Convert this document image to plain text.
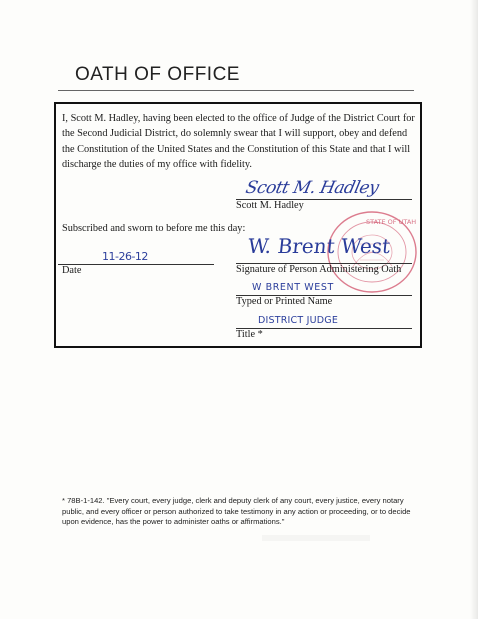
OATH OF OFFICE
I, Scott M. Hadley, having been elected to the office of Judge of the District Court for the Second Judicial District, do solemnly swear that I will support, obey and defend the Constitution of the United States and the Constitution of this State and that I will discharge the duties of my office with fidelity.
Scott M. Hadley
Scott M. Hadley
Subscribed and sworn to before me this day:
11-26-12
Date
STATE OF UTAH
W. Brent West
Signature of Person Administering Oath
W BRENT WEST
Typed or Printed Name
DISTRICT JUDGE
Title *
* 78B-1-142. "Every court, every judge, clerk and deputy clerk of any court, every justice, every notary public, and every officer or person authorized to take testimony in any action or proceeding, or to decide upon evidence, has the power to administer oaths or affirmations."
